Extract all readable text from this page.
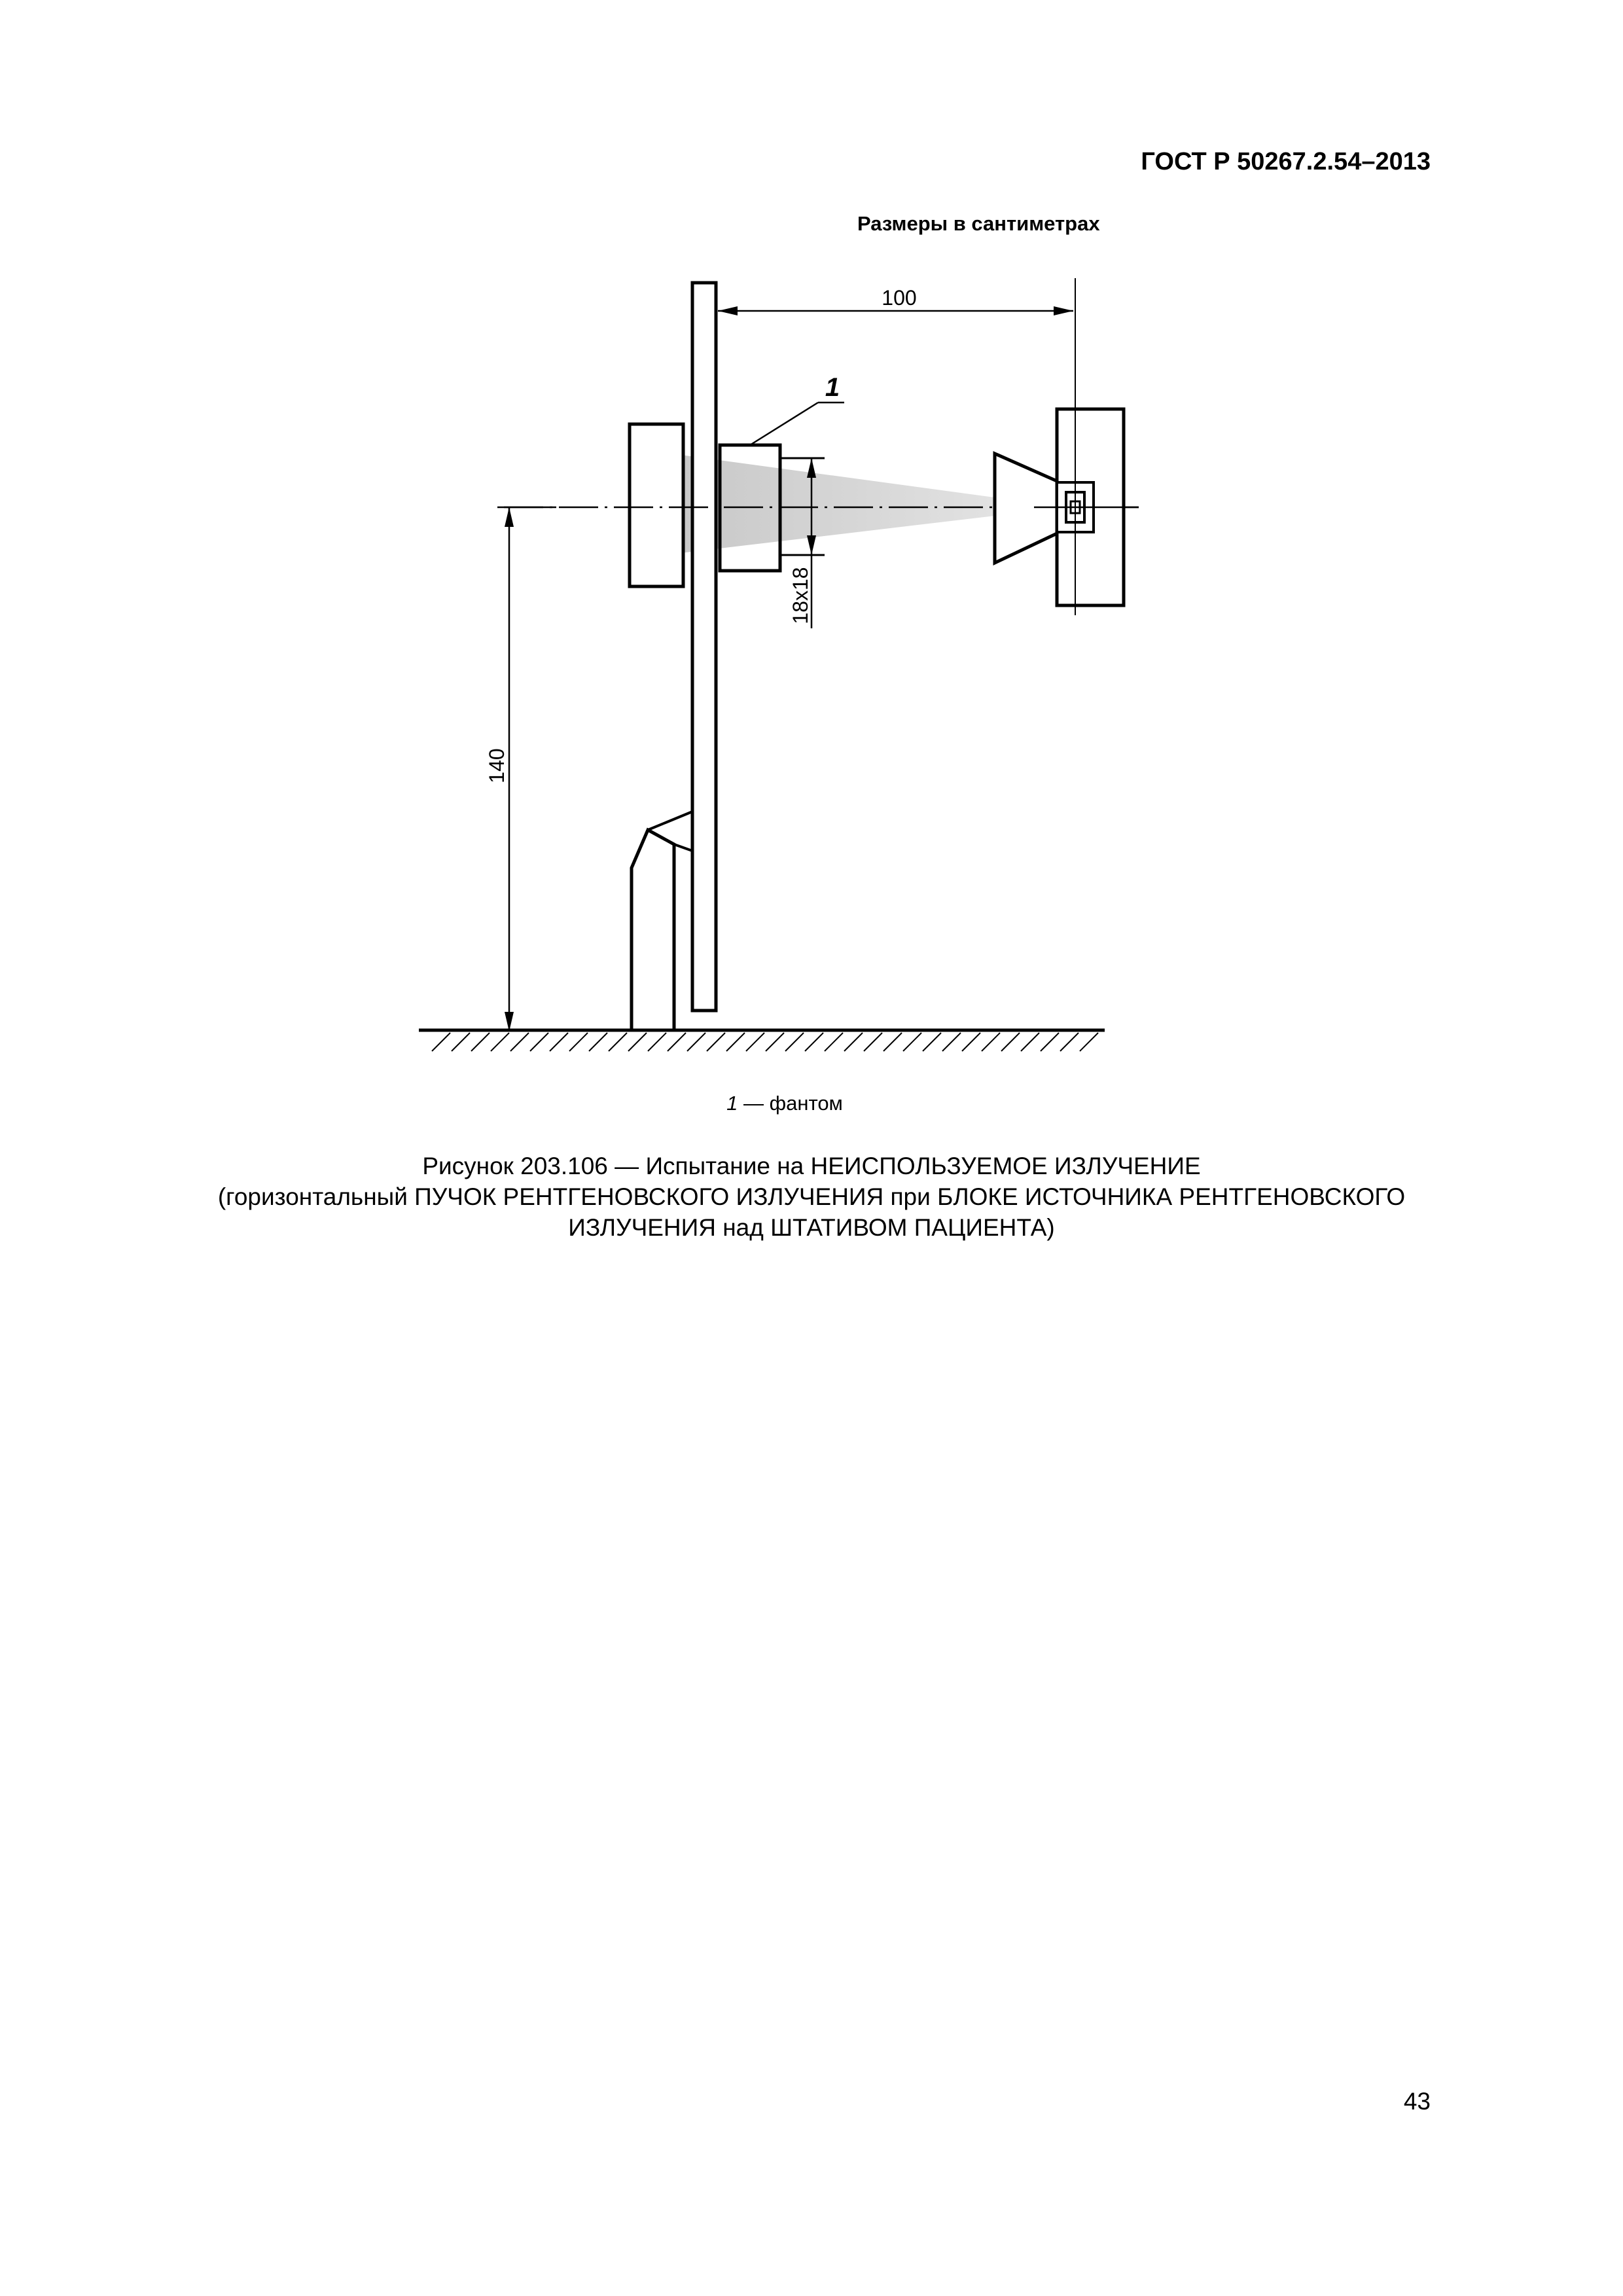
ГОСТ Р 50267.2.54–2013
Размеры в сантиметрах
100
18x18
140
1
1 — фантом
Рисунок 203.106 — Испытание на НЕИСПОЛЬЗУЕМОЕ ИЗЛУЧЕНИЕ
(горизонтальный ПУЧОК РЕНТГЕНОВСКОГО ИЗЛУЧЕНИЯ при БЛОКЕ ИСТОЧНИКА РЕНТГЕНОВСКОГО
ИЗЛУЧЕНИЯ над ШТАТИВОМ ПАЦИЕНТА)
43
